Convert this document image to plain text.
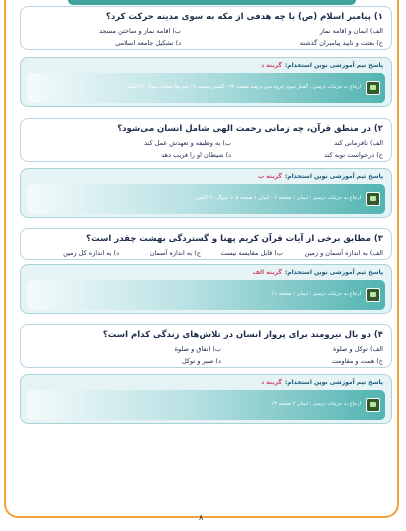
۱) پیامبر اسلام (ص) با چه هدفی از مکه به سوی مدینه حرکت کرد؟
الف) ایمان و اقامه نماز
ب) اقامه نماز و ساختن مسجد
ج) بعثت و تایید پیامبران گذشته
د) تشکیل جامعه اسلامی
پاسخ تیم آموزشی نوین استخدام:گزینه د
ارجاع به جزئیات درسی : گفتار سوم جزوه سی درصد صفحه ۲۲ - اکسیر صفحه ۱۹ تشریحا مشابه سوال ۳۲ اکسیر
۲) در منطق قرآن، چه زمانی رحمت الهی شامل انسان می‌شود؟
الف) نافرمانی کند
ب) به وظیفه و تعهدش عمل کند
ج) درخواست توبه کند
د) شیطان او را فریب دهد
پاسخ تیم آموزشی نوین استخدام:گزینه ب
ارجاع به جزئیات درسی : ایمان ۱ صفحه ۶ - ایمان ۱ صفحه ۵ + سوال ۲۰ اکسیر
۳) مطابق برخی از آیات قرآن کریم پهنا و گستردگی بهشت چقدر است؟
الف) به اندازه آسمان و زمین
ب) قابل مقایسه نیست
ج) به اندازه آسمان
د) به اندازه کل زمین
پاسخ تیم آموزشی نوین استخدام:گزینه الف
ارجاع به جزئیات درسی : ایمان ۱ صفحه ۱۱
۴) دو بال نیرومند برای پرواز انسان در تلاش‌های زندگی کدام است؟
الف) توکل و صلوة
ب) انفاق و صلوة
ج) همت و مقاومت
د) صبر و توکل
پاسخ تیم آموزشی نوین استخدام:گزینه د
ارجاع به جزئیات درسی : ایمان ۲ صفحه ۱۳
۸
